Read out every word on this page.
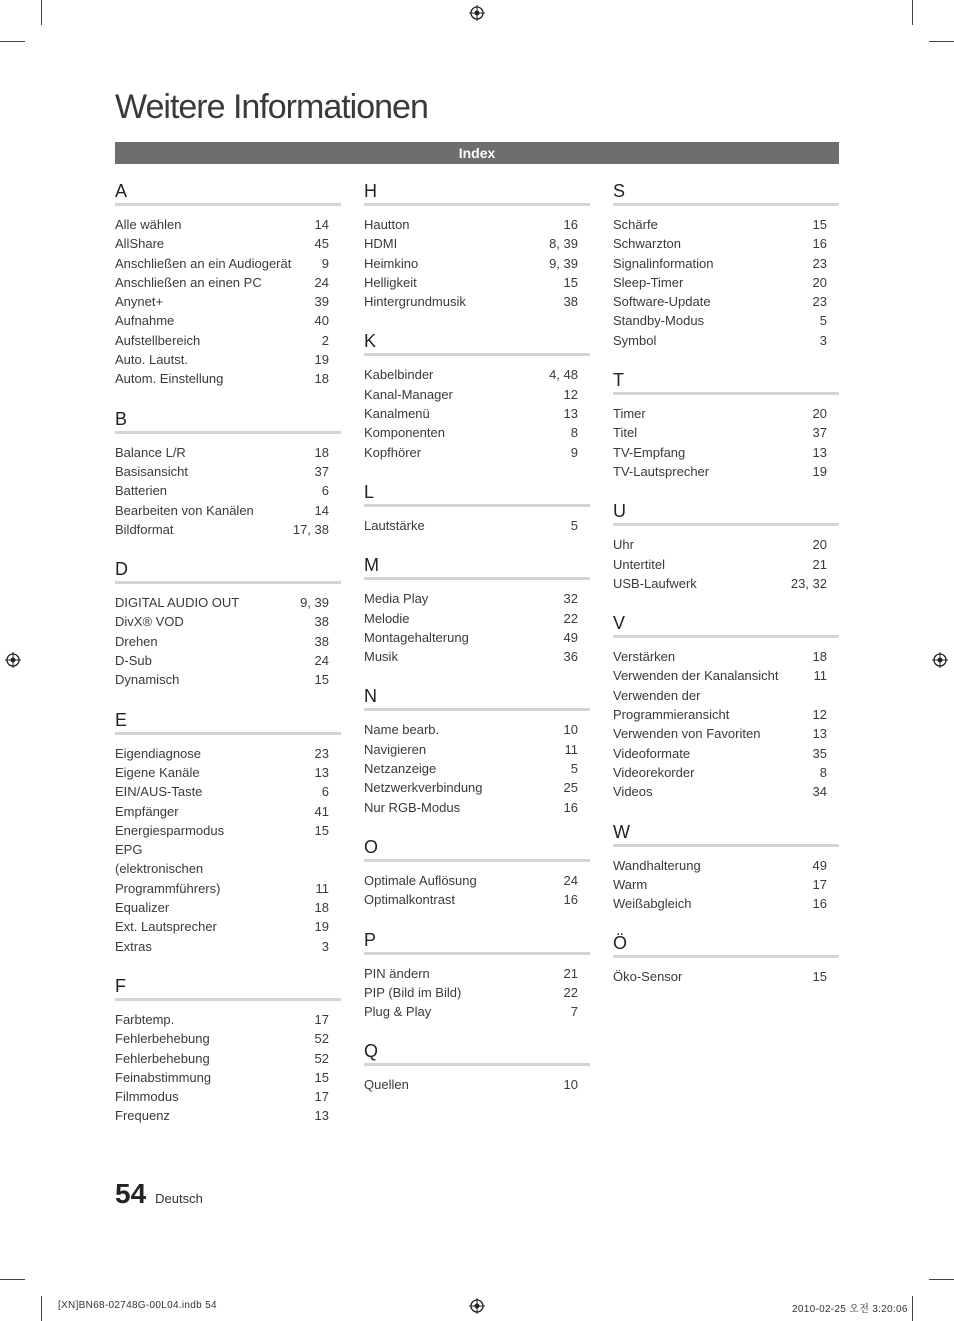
Weitere Informationen
Index
A
Alle wählen	14
AllShare	45
Anschließen an ein Audiogerät 9
Anschließen an einen PC	24
Anynet+	39
Aufnahme	40
Aufstellbereich	2
Auto. Lautst.	19
Autom. Einstellung	18
B
Balance L/R	18
Basisansicht	37
Batterien	6
Bearbeiten von Kanälen	14
Bildformat	17, 38
D
DIGITAL AUDIO OUT	9, 39
DivX® VOD	38
Drehen	38
D-Sub	24
Dynamisch	15
E
Eigendiagnose	23
Eigene Kanäle	13
EIN/AUS-Taste	6
Empfänger	41
Energiesparmodus	15
EPG
(elektronischen Programmführers)	11
Equalizer	18
Ext. Lautsprecher	19
Extras	3
F
Farbtemp.	17
Fehlerbehebung	52
Fehlerbehebung	52
Feinabstimmung	15
Filmmodus	17
Frequenz	13
H
Hautton	16
HDMI	8, 39
Heimkino	9, 39
Helligkeit	15
Hintergrundmusik	38
K
Kabelbinder	4, 48
Kanal-Manager	12
Kanalmenü	13
Komponenten	8
Kopfhörer	9
L
Lautstärke	5
M
Media Play	32
Melodie	22
Montagehalterung	49
Musik	36
N
Name bearb.	10
Navigieren	11
Netzanzeige	5
Netzwerkverbindung	25
Nur RGB-Modus	16
O
Optimale Auflösung	24
Optimalkontrast	16
P
PIN ändern	21
PIP (Bild im Bild)	22
Plug & Play	7
Q
Quellen	10
S
Schärfe	15
Schwarzton	16
Signalinformation	23
Sleep-Timer	20
Software-Update	23
Standby-Modus	5
Symbol	3
T
Timer	20
Titel	37
TV-Empfang	13
TV-Lautsprecher	19
U
Uhr	20
Untertitel	21
USB-Laufwerk	23, 32
V
Verstärken	18
Verwenden der Kanalansicht	11
Verwenden der
Programmieransicht	12
Verwenden von Favoriten	13
Videoformate	35
Videorekorder	8
Videos	34
W
Wandhalterung	49
Warm	17
Weißabgleich	16
Ö
Öko-Sensor	15
54 Deutsch
[XN]BN68-02748G-00L04.indb 54	2010-02-25 오전 3:20:06
